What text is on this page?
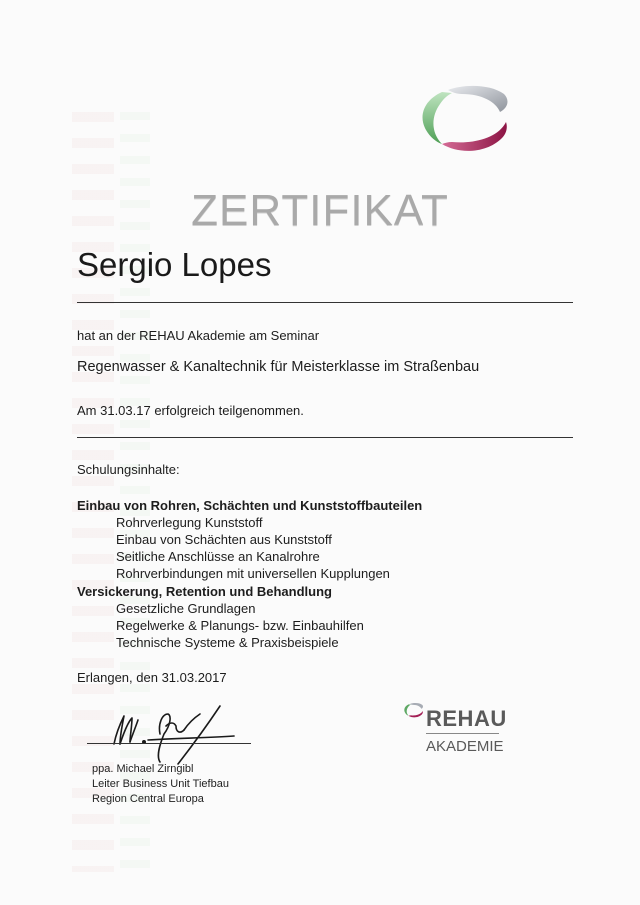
ZERTIFIKAT
Sergio Lopes
hat an der REHAU Akademie am Seminar
Regenwasser & Kanaltechnik für Meisterklasse im Straßenbau
Am 31.03.17 erfolgreich teilgenommen.
Schulungsinhalte:
Einbau von Rohren, Schächten und Kunststoffbauteilen
Rohrverlegung Kunststoff
Einbau von Schächten aus Kunststoff
Seitliche Anschlüsse an Kanalrohre
Rohrverbindungen mit universellen Kupplungen
Versickerung, Retention und Behandlung
Gesetzliche Grundlagen
Regelwerke & Planungs- bzw. Einbauhilfen
Technische Systeme & Praxisbeispiele
Erlangen, den 31.03.2017
ppa. Michael Zirngibl
Leiter Business Unit Tiefbau
Region Central Europa
REHAU
AKADEMIE
